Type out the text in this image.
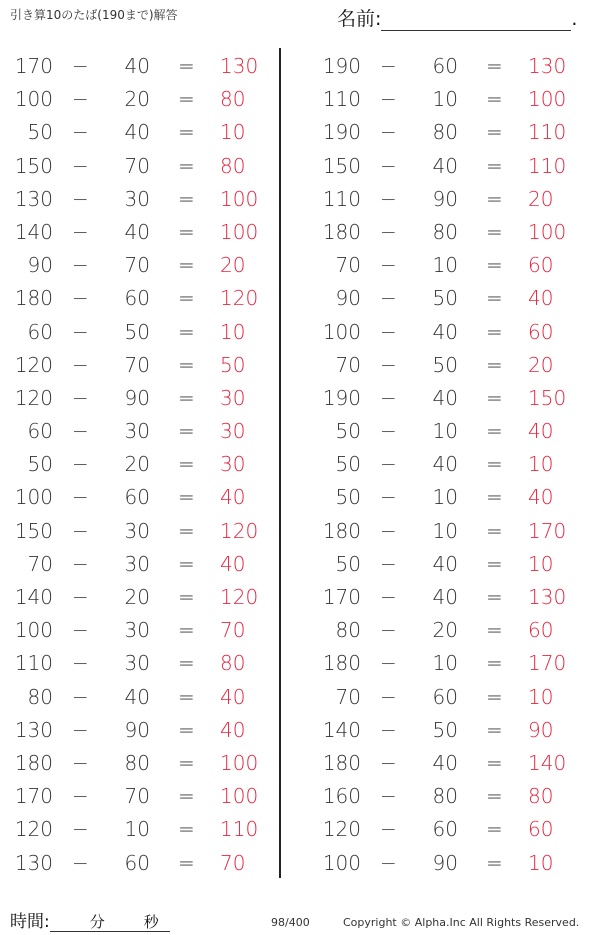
引き算10のたば(190まで)解答	名前:	.
170 −	40 = 130
100 −	20 = 80
50 −	40 = 10
150 −	70 = 80
130 −	30 = 100
140 −	40 = 100
90 −	70 = 20
180 −	60 = 120
60 −	50 = 10
120 −	70 = 50
120 −	90 = 30
60 −	30 = 30
50 −	20 = 30
100 −	60 = 40
150 −	30 = 120
70 −	30 = 40
140 −	20 = 120
100 −	30 = 70
110 −	30 = 80
80 −	40 = 40
130 −	90 = 40
180 −	80 = 100
170 −	70 = 100
120 −	10 = 110
130 −	60 = 70
190 −	60 = 130
110 −	10 = 100
190 −	80 = 110
150 −	40 = 110
110 −	90 = 20
180 −	80 = 100
70 −	10 = 60
90 −	50 = 40
100 −	40 = 60
70 −	50 = 20
190 −	40 = 150
50 −	10 = 40
50 −	40 = 10
50 −	10 = 40
180 −	10 = 170
50 −	40 = 10
170 −	40 = 130
80 −	20 = 60
180 −	10 = 170
70 −	60 = 10
140 −	50 = 90
180 −	40 = 140
160 −	80 = 80
120 −	60 = 60
100 −	90 = 10
時間:	分	秒	98/400	Copyright © Alpha.Inc All Rights Reserved.
